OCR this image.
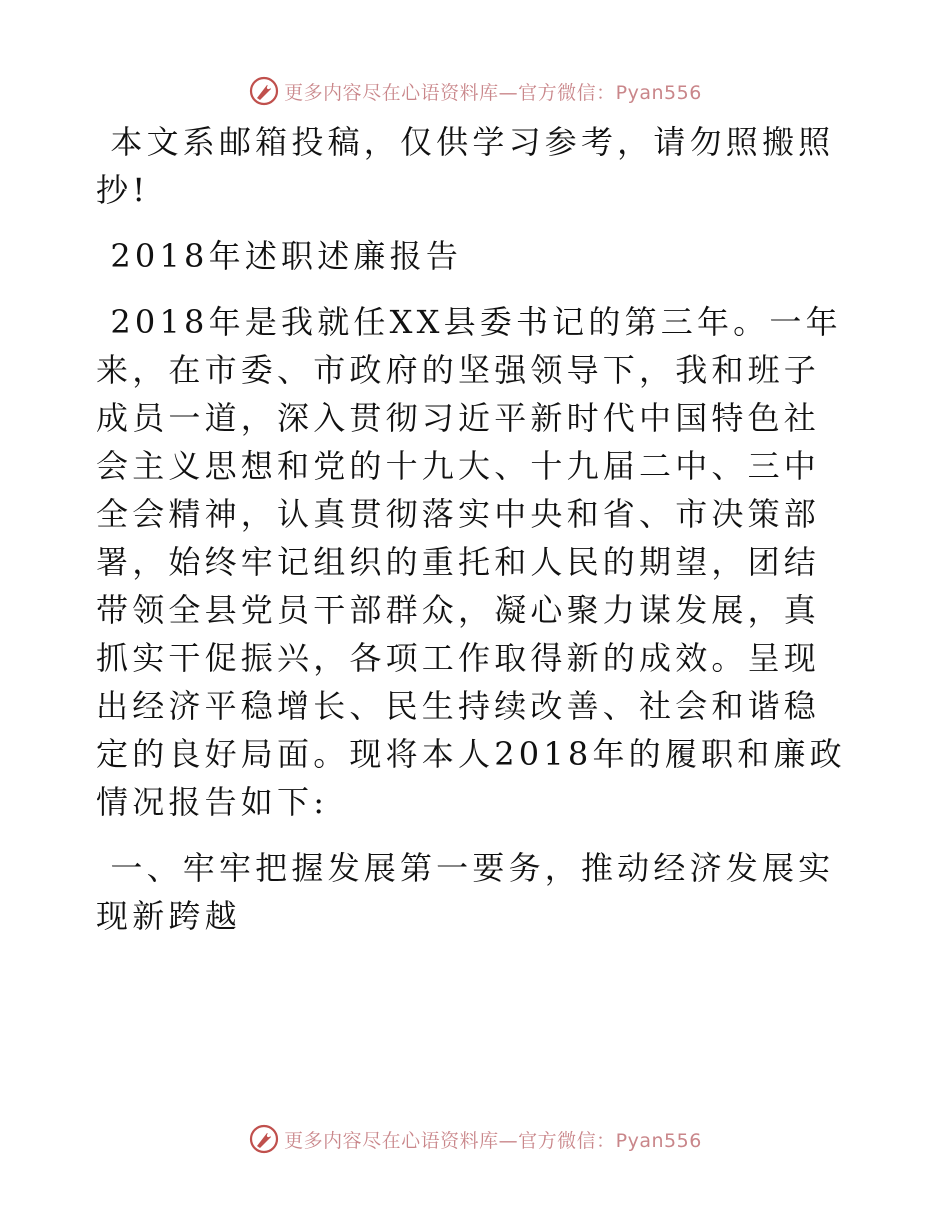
更多内容尽在心语资料库—官方微信：Pyan556

本文系邮箱投稿，仅供学习参考，请勿照搬照抄!

2018年述职述廉报告

2018年是我就任XX县委书记的第三年。一年来，在市委、市政府的坚强领导下，我和班子成员一道，深入贯彻习近平新时代中国特色社会主义思想和党的十九大、十九届二中、三中全会精神，认真贯彻落实中央和省、市决策部署，始终牢记组织的重托和人民的期望，团结带领全县党员干部群众，凝心聚力谋发展，真抓实干促振兴，各项工作取得新的成效。呈现出经济平稳增长、民生持续改善、社会和谐稳定的良好局面。现将本人2018年的履职和廉政情况报告如下:

一、牢牢把握发展第一要务，推动经济发展实现新跨越

更多内容尽在心语资料库—官方微信：Pyan556
